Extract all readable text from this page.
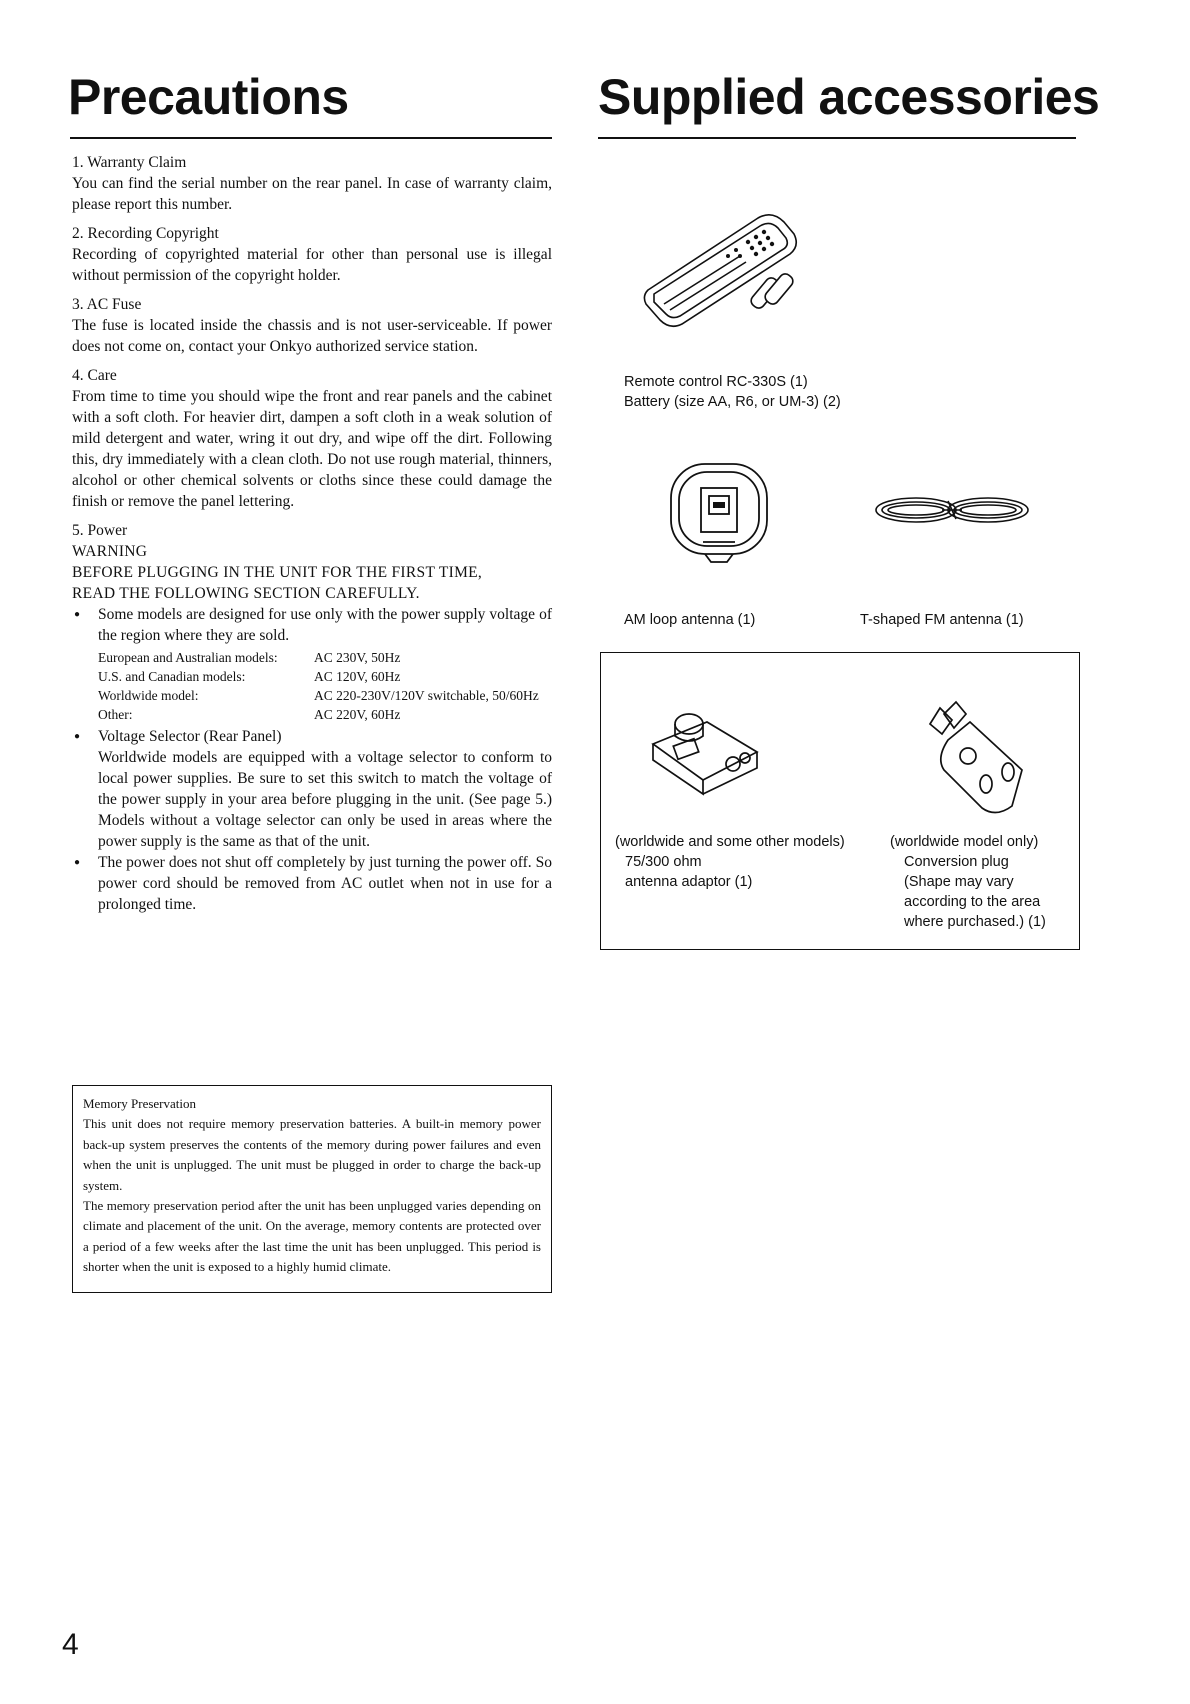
Precautions	Supplied accessories

1. Warranty Claim

You can find the serial number on the rear panel. In case of warranty claim, please report this number.

2. Recording Copyright

Recording of copyrighted material for other than personal use is illegal without permission of the copyright holder.

3. AC Fuse

The fuse is located inside the chassis and is not user-serviceable. If power does not come on, contact your Onkyo authorized service station.

4. Care

From time to time you should wipe the front and rear panels and the cabinet with a soft cloth. For heavier dirt, dampen a soft cloth in a weak solution of mild detergent and water, wring it out dry, and wipe off the dirt. Following this, dry immediately with a clean cloth. Do not use rough material, thinners, alcohol or other chemical solvents or cloths since these could damage the finish or remove the panel lettering.

5. Power

WARNING

BEFORE PLUGGING IN THE UNIT FOR THE FIRST TIME,

READ THE FOLLOWING SECTION CAREFULLY.

● Some models are designed for use only with the power supply voltage of the region where they are sold.

European and Australian models:	AC 230V, 50Hz
U.S. and Canadian models:	AC 120V, 60Hz
Worldwide model:	AC 220-230V/120V switchable, 50/60Hz
Other:	AC 220V, 60Hz
● Voltage Selector (Rear Panel)
Worldwide models are equipped with a voltage selector to conform to local power supplies. Be sure to set this switch to match the voltage of the power supply in your area before plugging in the unit. (See page 5.) Models without a voltage selector can only be used in areas where the power supply is the same as that of the unit.

● The power does not shut off completely by just turning the power off. So power cord should be removed from AC outlet when not in use for a prolonged time.

Memory Preservation

This unit does not require memory preservation batteries. A built-in memory power back-up system preserves the contents of the memory during power failures and even when the unit is unplugged. The unit must be plugged in order to charge the back-up system.

The memory preservation period after the unit has been unplugged varies depending on climate and placement of the unit. On the average, memory contents are protected over a period of a few weeks after the last time the unit has been unplugged. This period is shorter when the unit is exposed to a highly humid climate.

Remote control RC-330S (1)
Battery (size AA, R6, or UM-3) (2)
AM loop antenna (1)	T-shaped FM antenna (1)
(worldwide and some other models)
75/300 ohm
antenna adaptor (1)
(worldwide model only)
Conversion plug
(Shape may vary
according to the area
where purchased.) (1)
4
